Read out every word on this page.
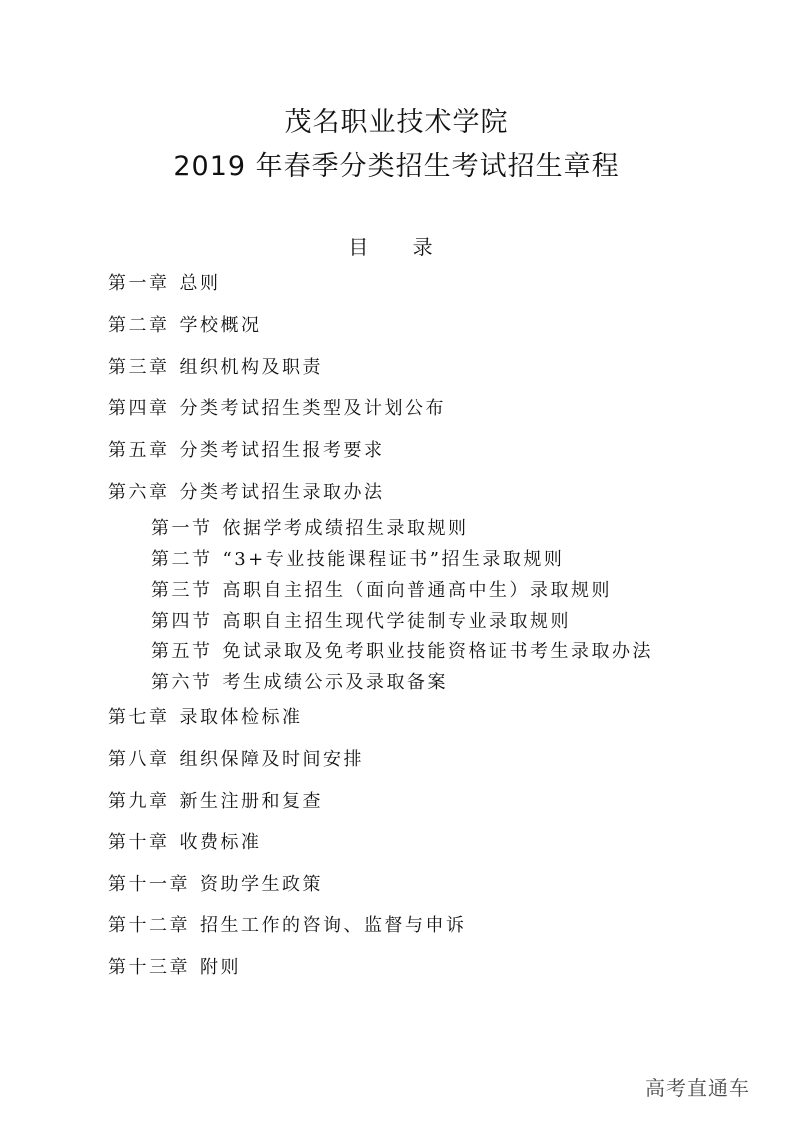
茂名职业技术学院
2019 年春季分类招生考试招生章程
目 录
第一章 总则
第二章 学校概况
第三章 组织机构及职责
第四章 分类考试招生类型及计划公布
第五章 分类考试招生报考要求
第六章 分类考试招生录取办法
第一节 依据学考成绩招生录取规则
第二节 “3+专业技能课程证书”招生录取规则
第三节 高职自主招生（面向普通高中生）录取规则
第四节 高职自主招生现代学徒制专业录取规则
第五节 免试录取及免考职业技能资格证书考生录取办法
第六节 考生成绩公示及录取备案
第七章 录取体检标准
第八章 组织保障及时间安排
第九章 新生注册和复查
第十章 收费标准
第十一章 资助学生政策
第十二章 招生工作的咨询、监督与申诉
第十三章 附则
高考直通车
